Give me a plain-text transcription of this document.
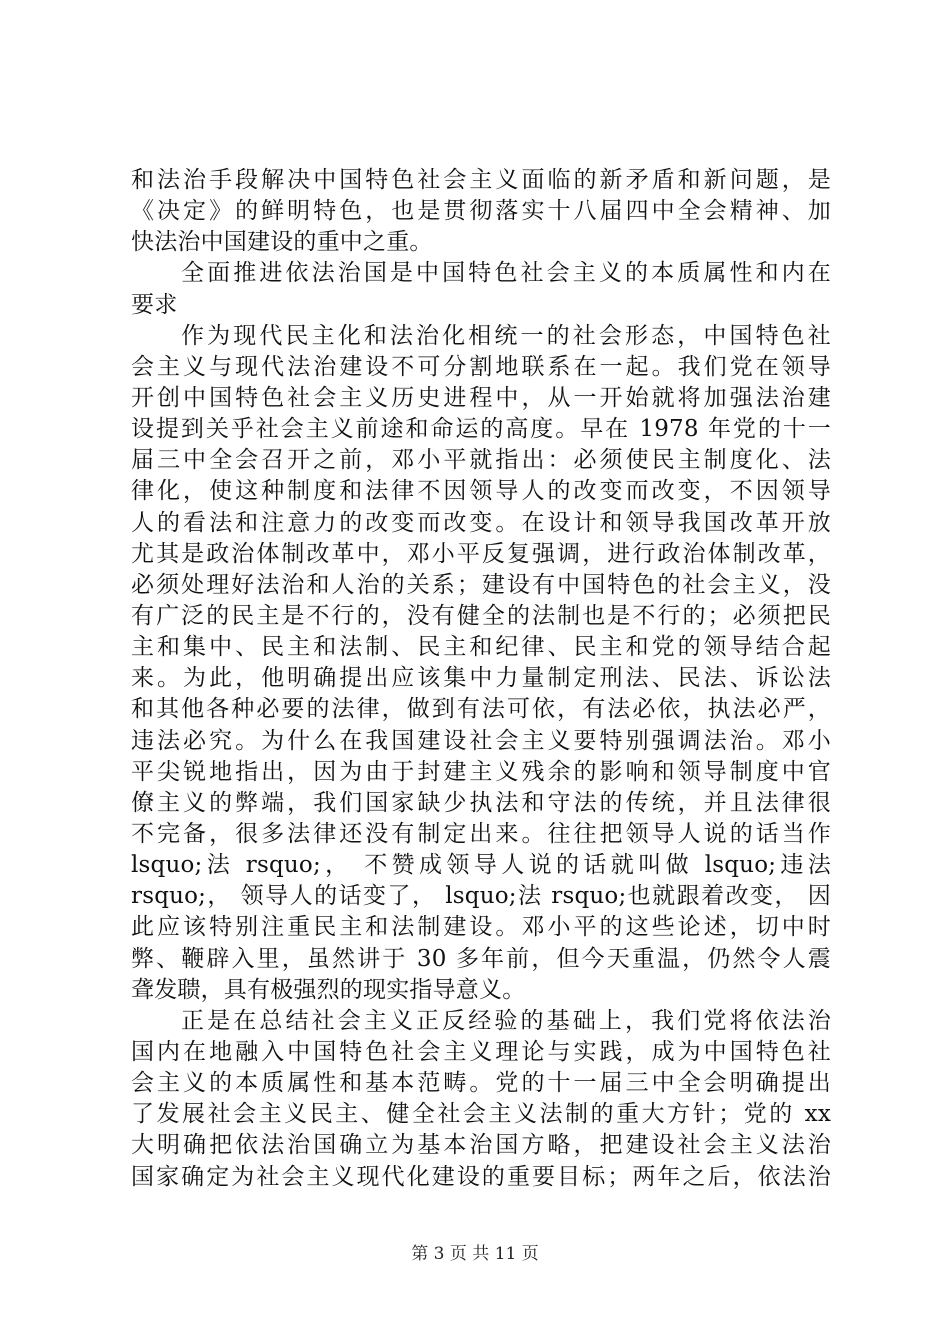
和法治手段解决中国特色社会主义面临的新矛盾和新问题，是
《决定》的鲜明特色，也是贯彻落实十八届四中全会精神、加
快法治中国建设的重中之重。
全面推进依法治国是中国特色社会主义的本质属性和内在
要求
作为现代民主化和法治化相统一的社会形态，中国特色社
会主义与现代法治建设不可分割地联系在一起。我们党在领导
开创中国特色社会主义历史进程中，从一开始就将加强法治建
设提到关乎社会主义前途和命运的高度。早在 1978 年党的十一
届三中全会召开之前，邓小平就指出：必须使民主制度化、法
律化，使这种制度和法律不因领导人的改变而改变，不因领导
人的看法和注意力的改变而改变。在设计和领导我国改革开放
尤其是政治体制改革中，邓小平反复强调，进行政治体制改革，
必须处理好法治和人治的关系；建设有中国特色的社会主义，没
有广泛的民主是不行的，没有健全的法制也是不行的；必须把民
主和集中、民主和法制、民主和纪律、民主和党的领导结合起
来。为此，他明确提出应该集中力量制定刑法、民法、诉讼法
和其他各种必要的法律，做到有法可依，有法必依，执法必严，
违法必究。为什么在我国建设社会主义要特别强调法治。邓小
平尖锐地指出，因为由于封建主义残余的影响和领导制度中官
僚主义的弊端，我们国家缺少执法和守法的传统，并且法律很
不完备，很多法律还没有制定出来。往往把领导人说的话当作
lsquo;法 rsquo;， 不赞成领导人说的话就叫做 lsquo;违法
rsquo;， 领导人的话变了， lsquo;法 rsquo;也就跟着改变， 因
此应该特别注重民主和法制建设。邓小平的这些论述，切中时
弊、鞭辟入里，虽然讲于 30 多年前，但今天重温，仍然令人震
聋发聩，具有极强烈的现实指导意义。
正是在总结社会主义正反经验的基础上，我们党将依法治
国内在地融入中国特色社会主义理论与实践，成为中国特色社
会主义的本质属性和基本范畴。党的十一届三中全会明确提出
了发展社会主义民主、健全社会主义法制的重大方针；党的 xx
大明确把依法治国确立为基本治国方略，把建设社会主义法治
国家确定为社会主义现代化建设的重要目标；两年之后，依法治
第 3 页 共 11 页
